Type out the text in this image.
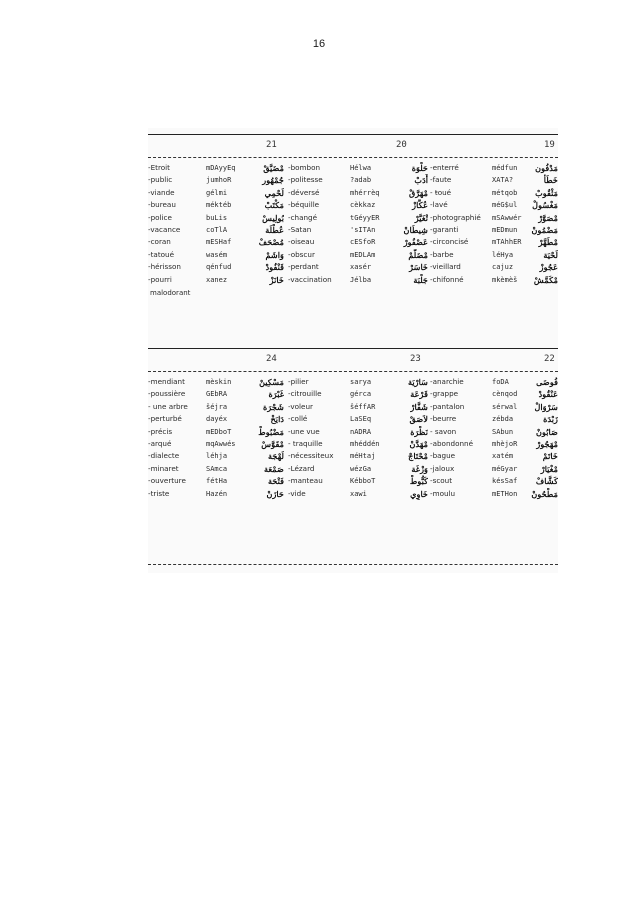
16
21	20	19
-Etroit	mDAyyEq	مْضَيَّقْ -bombon	Hélwa	حَلْوَة -enterré	médfun	مَدْفُون
-public	jumhoR	جُمْهُور -politesse	?adab	أَدَبْ -faute	XATA?	خَطَأ
-viande	gélmi	لَحْمِي -déversé	mhérrèq	مْهَرَّقْ - ŧoué	métqob	مَثْقُوبْ
-bureau	méktéb	مَكْتَبْ -béquille	cèkkaz	عُكَّازْ -lavé	méG$ul	مَغْسُولْ
-police	buLis	بُولِيسْ -changé	tGéyyER	تْغَيَّرْ -photographié	mSAwwér	مْصَوَّرْ
-vacance	coTlA	عُطْلَة -Satan	'sITAn	شِيطَانْ -garanti	mEDmun	مَضْمُونْ
-coran	mESHaf	مُصْحَفْ -oiseau	cESfoR	عَصْفُورْ -circoncisé	mTAhhER	مْطَهَّرْ
-tatoué	wasém	وَاشَمْ -obscur	mEDLAm	مْضَلَّمْ -barbe	léHya	لَحْيَة
-hérisson	qénfud	قَنْفُودْ -perdant	xasér	خَاسَرْ -vieillard	cajuz	عَجُوزْ
-pourri	xanez	خَانَزْ -vaccination	Jélba	جَلْبَة -chifonné	mkèmèš	مْكَمَّشْ
malodorant
24	23	22
-mendiant	mèskin	مَسْكِينْ -pilier	sarya	سَارْيَة -anarchie	foDA	فُوضَى
-poussière	GEbRA	غَبْرَة -citrouille	gérca	قَرْعَة -grappe	cènqod	عَنْقُودْ
- une arbre	šéjra	شَجْرَة -voleur	ŝéffAR	شَفَّارْ -pantalon	sérwal	سَرْوَالْ
-perturbé	dayéx	دَايَخْ -collé	LaSEq	لاَصَقْ -beurre	zébda	زَبْدَة
-précis	mEDboT	مَضْبُوطْ -une vue	nADRA	نَظْرَة - savon	SAbun	صَابُونْ
-arqué	mqAwwés	مْقَوَّسْ - traquille	mhéddén	مْهَدَّنْ -abondonné	mhèjoR	مْهَجُورْ
-dialecte	léhja	لَهْجَة -nécessiteux	méHtaj	مْحْتَاجْ -bague	xatém	خَاتَمْ
-minaret	SAmca	صَمْعَة -Lézard	wézGa	وَزْغَة -jaloux	méGyar	مْغْيَارْ
-ouverture	fétHa	فَتْحَة -manteau	KébboT	كَبُّوطْ -scout	késSaf	كَشَّافْ
-triste	Hazén	حَازَنْ -vide	xawi	خَاوِي -moulu	mETHon	مَطْحُونْ
